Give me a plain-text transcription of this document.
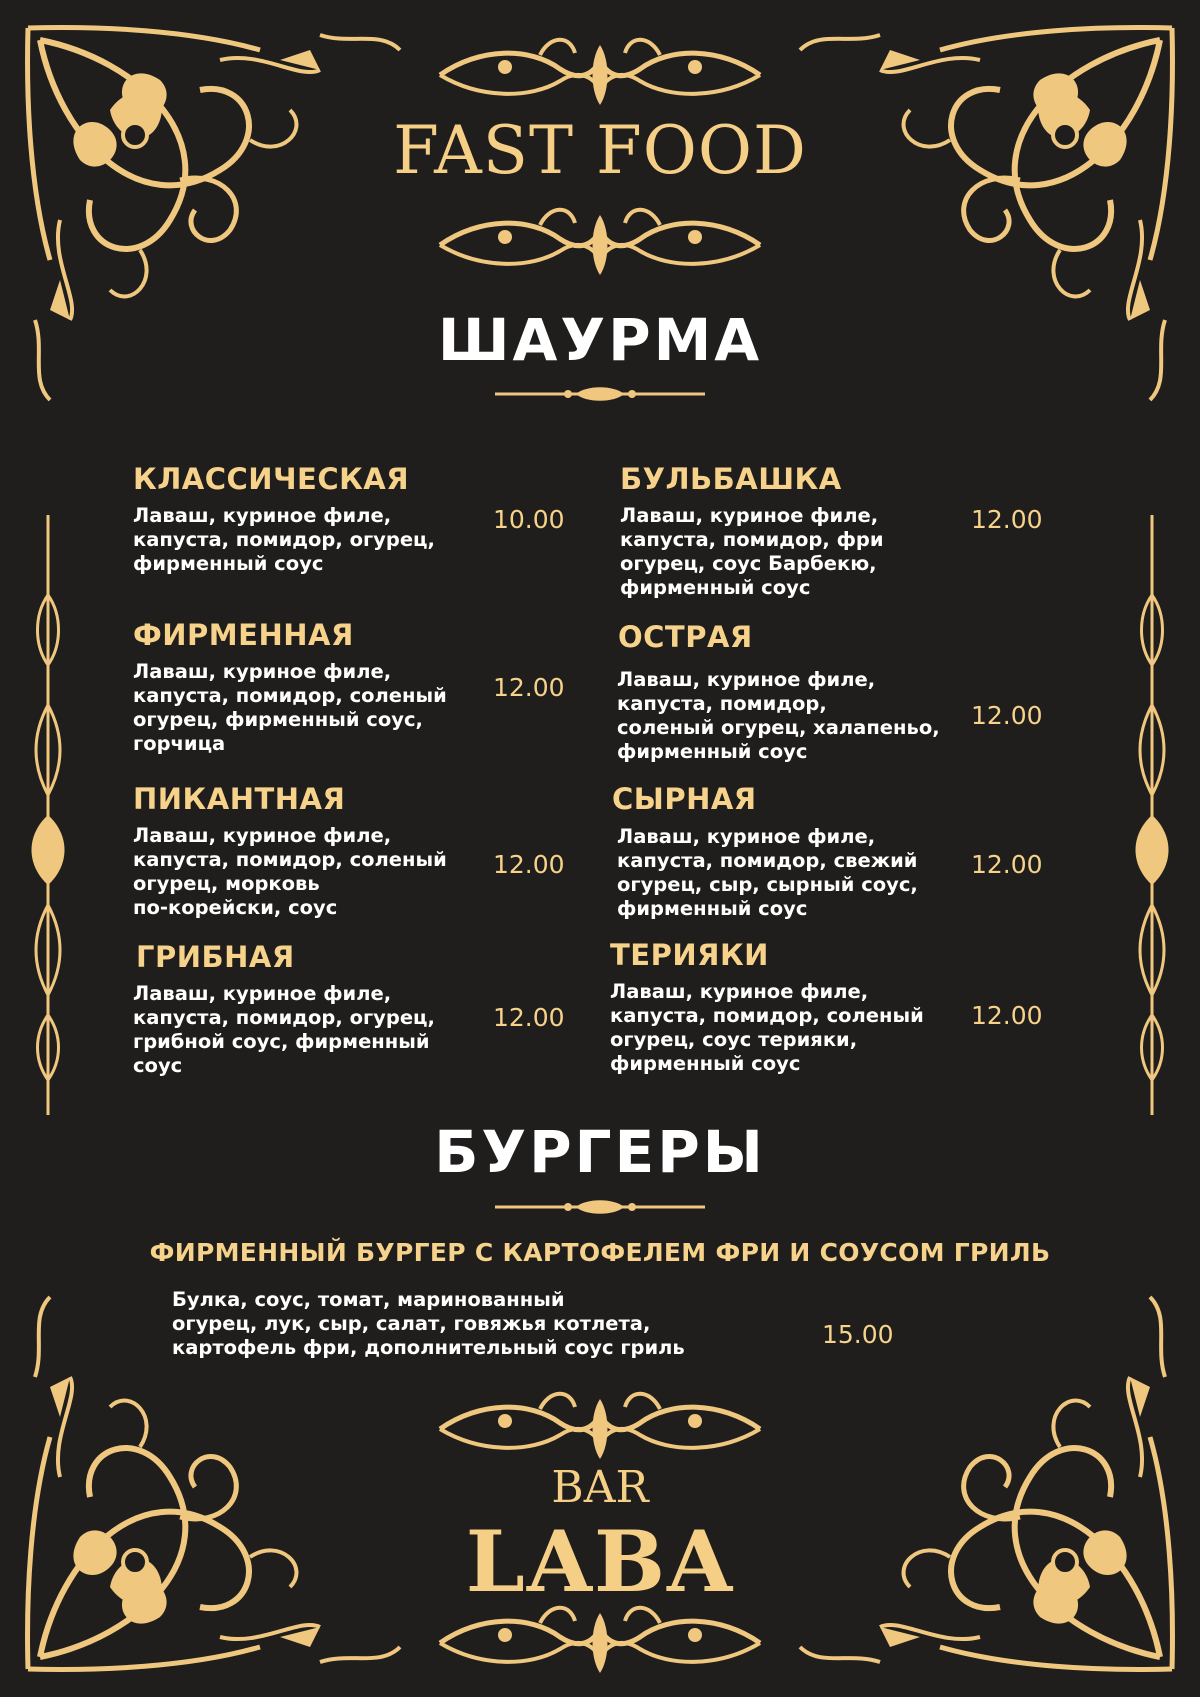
FAST FOOD
ШАУРМА
КЛАССИЧЕСКАЯ
Лаваш, куриное филе,
капуста, помидор, огурец,
фирменный соус
10.00
ФИРМЕННАЯ
Лаваш, куриное филе,
капуста, помидор, соленый
огурец, фирменный соус,
горчица
12.00
ПИКАНТНАЯ
Лаваш, куриное филе,
капуста, помидор, соленый
огурец, морковь
по-корейски, соус
12.00
ГРИБНАЯ
Лаваш, куриное филе,
капуста, помидор, огурец,
грибной соус, фирменный
соус
12.00
БУЛЬБАШКА
Лаваш, куриное филе,
капуста, помидор, фри
огурец, соус Барбекю,
фирменный соус
12.00
ОСТРАЯ
Лаваш, куриное филе,
капуста, помидор,
соленый огурец, халапеньо,
фирменный соус
12.00
СЫРНАЯ
Лаваш, куриное филе,
капуста, помидор, свежий
огурец, сыр, сырный соус,
фирменный соус
12.00
ТЕРИЯКИ
Лаваш, куриное филе,
капуста, помидор, соленый
огурец, соус терияки,
фирменный соус
12.00
БУРГЕРЫ
ФИРМЕННЫЙ БУРГЕР С КАРТОФЕЛЕМ ФРИ И СОУСОМ ГРИЛЬ
Булка, соус, томат, маринованный
огурец, лук, сыр, салат, говяжья котлета,
картофель фри, дополнительный соус гриль	15.00
BAR
LABA
